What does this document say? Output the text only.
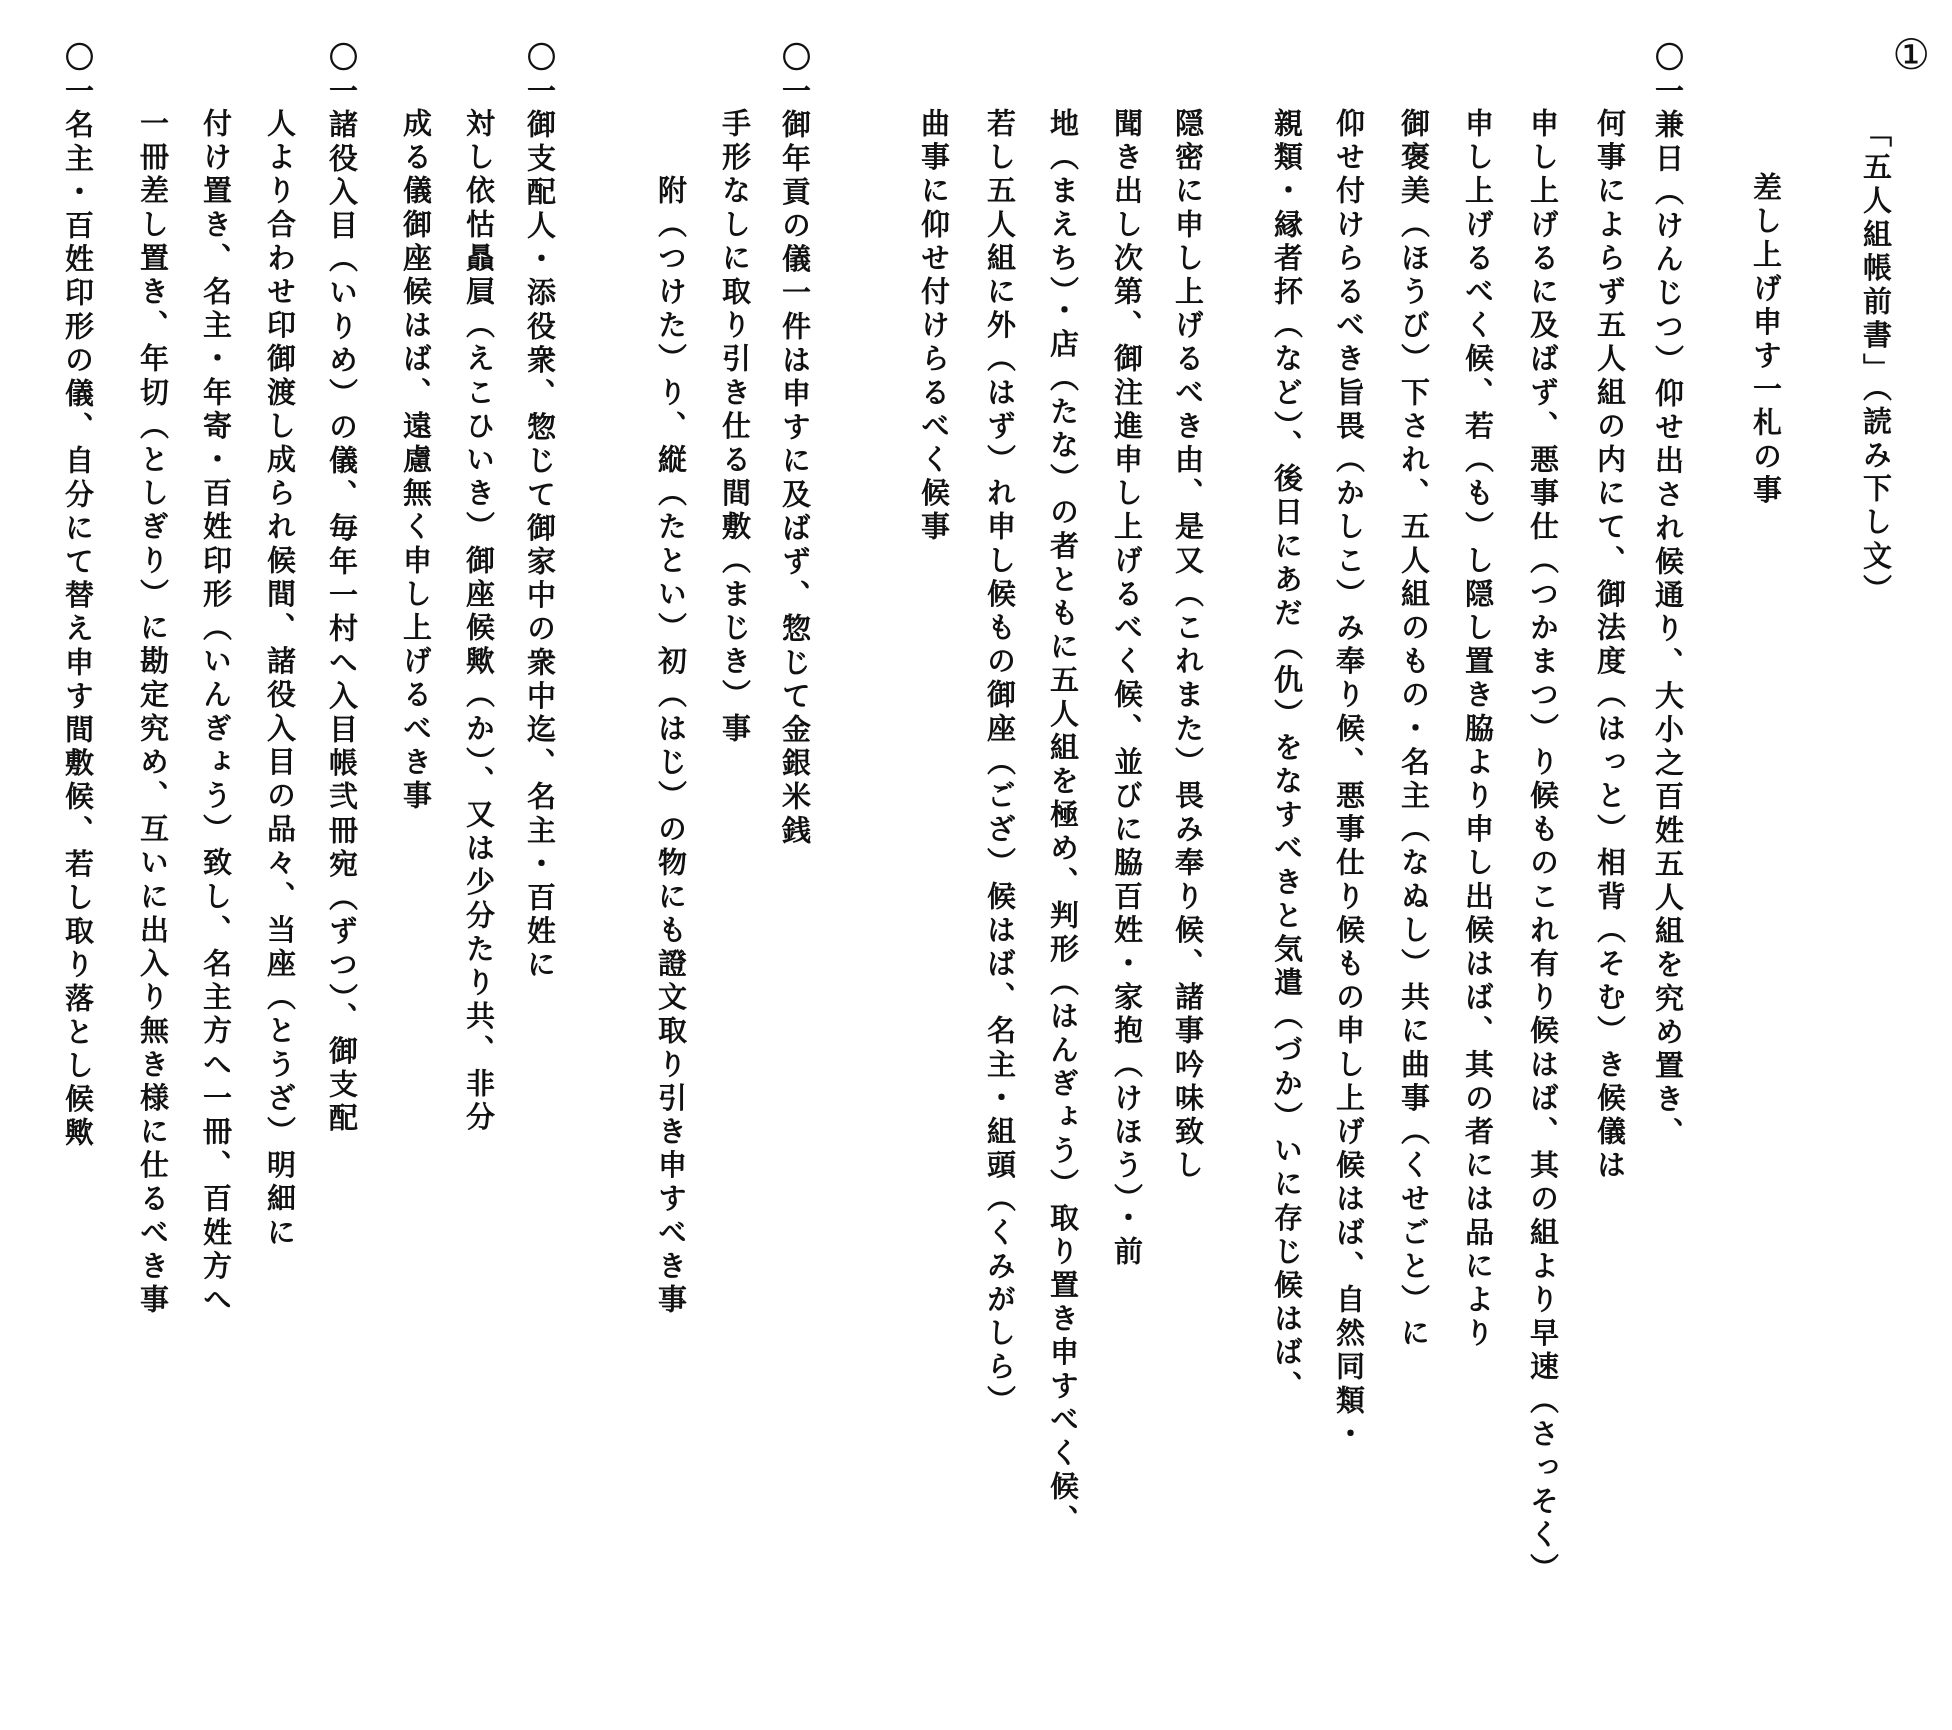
①
「五人組帳前書」（読み下し文）
差し上げ申す一札の事
〇一兼日（けんじつ）仰せ出され候通り、大小之百姓五人組を究め置き、
何事によらず五人組の内にて、御法度（はっと）相背（そむ）き候儀は
申し上げるに及ばず、悪事仕（つかまつ）り候ものこれ有り候はば、其の組より早速（さっそく）
申し上げるべく候、若（も）し隠し置き脇より申し出候はば、其の者には品により
御褒美（ほうび）下され、五人組のもの・名主（なぬし）共に曲事（くせごと）に
仰せ付けらるべき旨畏（かしこ）み奉り候、悪事仕り候もの申し上げ候はば、自然同類・
親類・縁者抔（など）、後日にあだ（仇）をなすべきと気遣（づか）いに存じ候はば、
隠密に申し上げるべき由、是又（これまた）畏み奉り候、諸事吟味致し
聞き出し次第、御注進申し上げるべく候、並びに脇百姓・家抱（けほう）・前
地（まえち）・店（たな）の者ともに五人組を極め、判形（はんぎょう）取り置き申すべく候、
若し五人組に外（はず）れ申し候もの御座（ござ）候はば、名主・組頭（くみがしら）
曲事に仰せ付けらるべく候事
〇一御年貢の儀一件は申すに及ばず、惣じて金銀米銭
手形なしに取り引き仕る間敷（まじき）事
　　附（つけた）り、縦（たとい）初（はじ）の物にも證文取り引き申すべき事
〇一御支配人・添役衆、惣じて御家中の衆中迄、名主・百姓に
対し依怙贔屓（えこひいき）御座候歟（か）、又は少分たり共、非分
成る儀御座候はば、遠慮無く申し上げるべき事
〇一諸役入目（いりめ）の儀、毎年一村へ入目帳弐冊宛（ずつ）、御支配
人より合わせ印御渡し成られ候間、諸役入目の品々、当座（とうざ）明細に
付け置き、名主・年寄・百姓印形（いんぎょう）致し、名主方へ一冊、百姓方へ
一冊差し置き、年切（としぎり）に勘定究め、互いに出入り無き様に仕るべき事
〇一名主・百姓印形の儀、自分にて替え申す間敷候、若し取り落とし候歟
